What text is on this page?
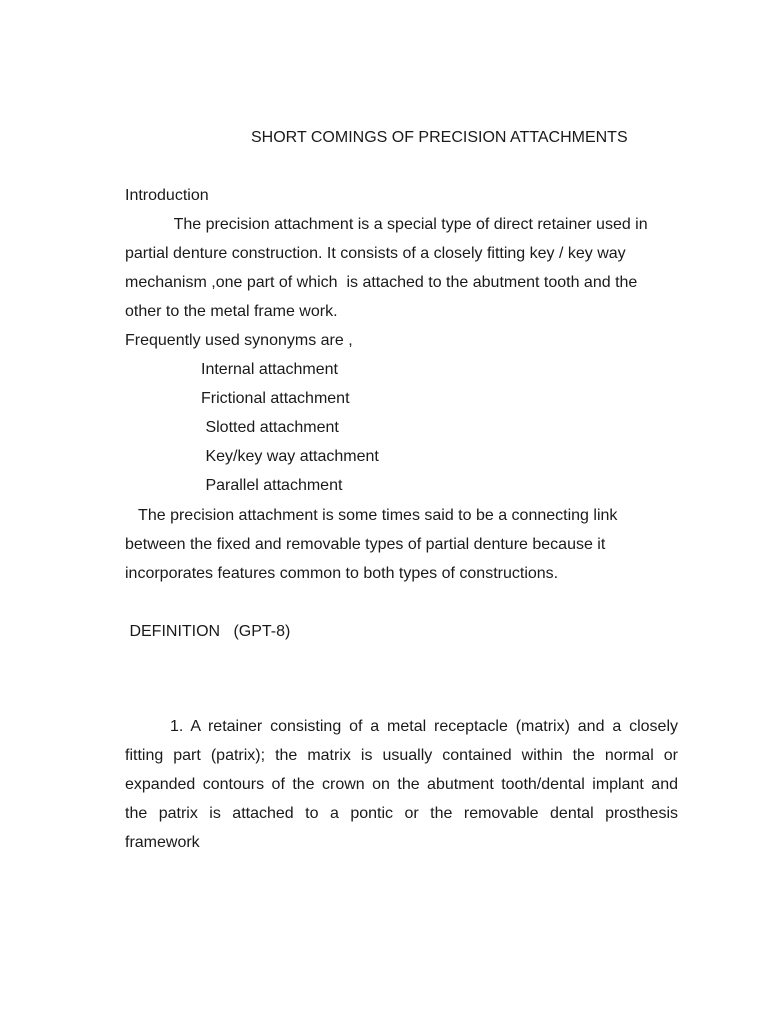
SHORT COMINGS OF PRECISION ATTACHMENTS
Introduction
The precision attachment is a special type of direct retainer used in
partial denture construction. It consists of a closely fitting key / key way
mechanism ,one part of which  is attached to the abutment tooth and the
other to the metal frame work.
Frequently used synonyms are ,
Internal attachment
Frictional attachment
Slotted attachment
Key/key way attachment
Parallel attachment
The precision attachment is some times said to be a connecting link
between the fixed and removable types of partial denture because it
incorporates features common to both types of constructions.
DEFINITION   (GPT-8)
1. A retainer consisting of a metal receptacle (matrix) and a closely
fitting part (patrix); the matrix is usually contained within the normal or
expanded contours of the crown on the abutment tooth/dental implant and
the patrix is attached to a pontic or the removable dental prosthesis
framework
